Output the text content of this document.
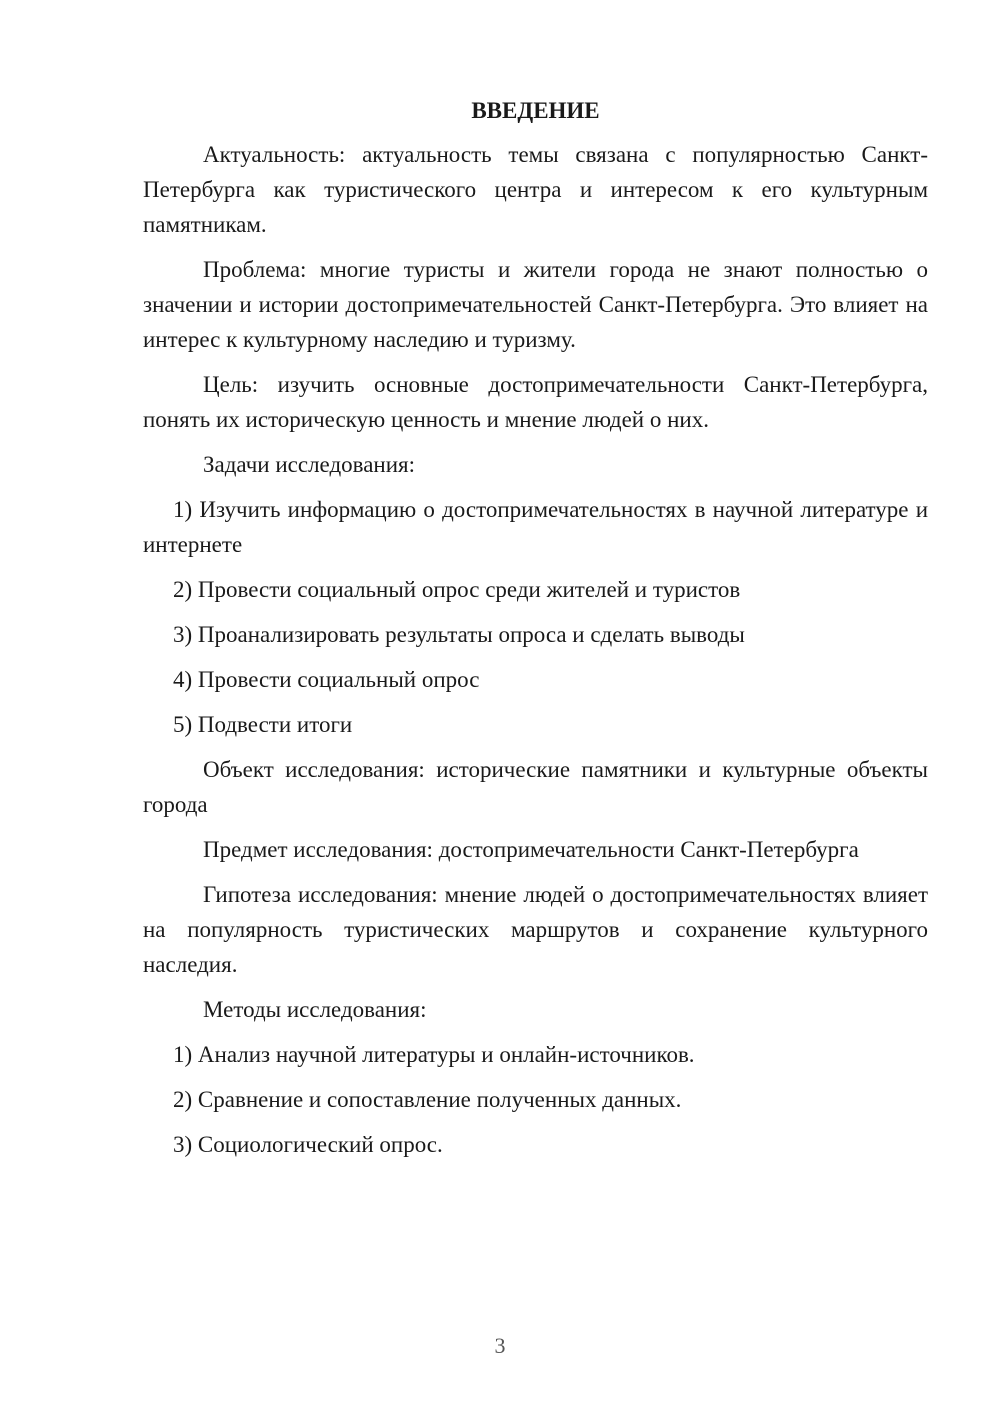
ВВЕДЕНИЕ

Актуальность: актуальность темы связана с популярностью Санкт-Петербурга как туристического центра и интересом к его культурным памятникам.

Проблема: многие туристы и жители города не знают полностью о значении и истории достопримечательностей Санкт-Петербурга. Это влияет на интерес к культурному наследию и туризму.

Цель: изучить основные достопримечательности Санкт-Петербурга, понять их историческую ценность и мнение людей о них.

Задачи исследования:

1) Изучить информацию о достопримечательностях в научной литературе и интернете

2) Провести социальный опрос среди жителей и туристов

3) Проанализировать результаты опроса и сделать выводы

4) Провести социальный опрос

5) Подвести итоги

Объект исследования: исторические памятники и культурные объекты города

Предмет исследования: достопримечательности Санкт-Петербурга

Гипотеза исследования: мнение людей о достопримечательностях влияет на популярность туристических маршрутов и сохранение культурного наследия.

Методы исследования:

1) Анализ научной литературы и онлайн-источников.

2) Сравнение и сопоставление полученных данных.

3) Социологический опрос.

3
